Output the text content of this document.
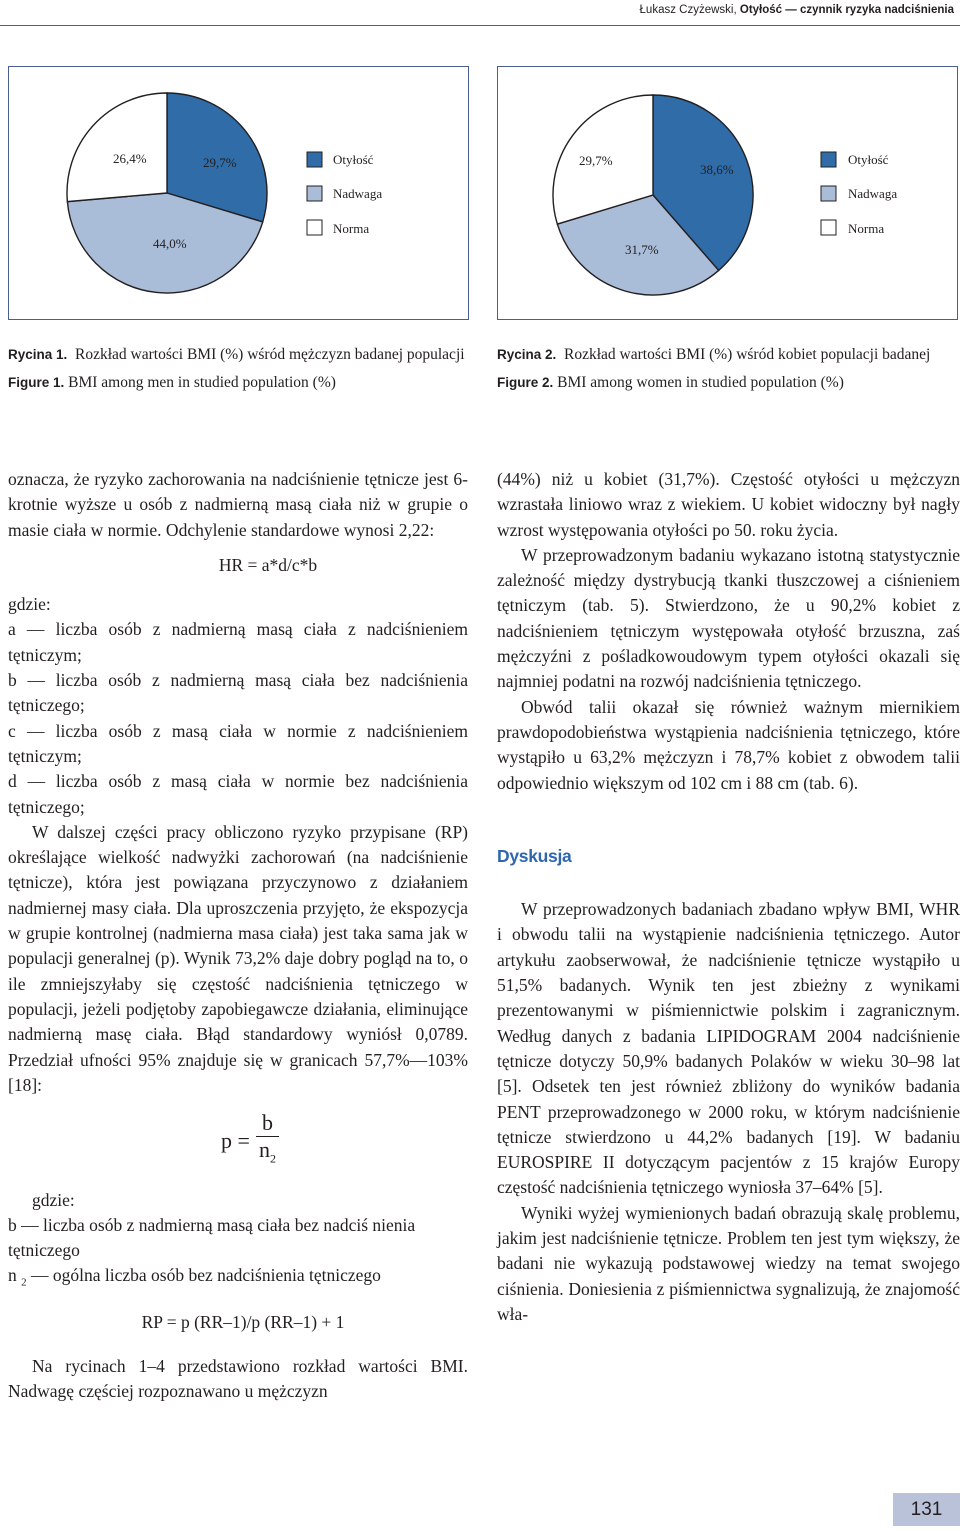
Łukasz Czyżewski, Otyłość — czynnik ryzyka nadciśnienia
26,4%	29,7%
44,0%
Otyłość
Nadwaga
Norma
29,7%
38,6%
31,7%
Otyłość
Nadwaga
Norma

Rycina 1. Rozkład wartości BMI (%) wśród mężczyzn badanej populacji

Figure 1. BMI among men in studied population (%)

Rycina 2. Rozkład wartości BMI (%) wśród kobiet populacji badanej

Figure 2. BMI among women in studied population (%)

oznacza, że ryzyko zachorowania na nadciśnienie tętnicze jest 6-krotnie wyższe u osób z nadmierną masą ciała niż w grupie o masie ciała w normie. Odchylenie standardowe wynosi 2,22:

HR = a*d/c*b

gdzie:

a — liczba osób z nadmierną masą ciała z nadciśnieniem tętniczym;

b — liczba osób z nadmierną masą ciała bez nadciśnienia tętniczego;

c — liczba osób z masą ciała w normie z nadciśnieniem tętniczym;

d — liczba osób z masą ciała w normie bez nadciśnienia tętniczego;

W dalszej części pracy obliczono ryzyko przypisane (RP) określające wielkość nadwyżki zachorowań (na nadciśnienie tętnicze), która jest powiązana przyczynowo z działaniem nadmiernej masy ciała. Dla uproszczenia przyjęto, że ekspozycja w grupie kontrolnej (nadmierna masa ciała) jest taka sama jak w populacji generalnej (p). Wynik 73,2% daje dobry pogląd na to, o ile zmniejszyłaby się częstość nadciśnienia tętniczego w populacji, jeżeli podjętoby zapobiegawcze działania, eliminujące nadmierną masę ciała. Błąd standardowy wyniósł 0,0789. Przedział ufności 95% znajduje się w granicach 57,7%—103% [18]:

$p = \frac{b}{n_2}$

gdzie:

b — liczba osób z nadmierną masą ciała bez nadciś nienia tętniczego

n $_2$ — ogólna liczba osób bez nadciśnienia tętniczego

RP = p (RR–1)/p (RR–1) + 1

Na rycinach 1–4 przedstawiono rozkład wartości BMI. Nadwagę częściej rozpoznawano u mężczyzn

(44%) niż u kobiet (31,7%). Częstość otyłości u mężczyzn wzrastała liniowo wraz z wiekiem. U kobiet widoczny był nagły wzrost występowania otyłości po 50. roku życia.

W przeprowadzonym badaniu wykazano istotną statystycznie zależność między dystrybucją tkanki tłuszczowej a ciśnieniem tętniczym (tab. 5). Stwierdzono, że u 90,2% kobiet z nadciśnieniem tętniczym występowała otyłość brzuszna, zaś mężczyźni z pośladkowoudowym typem otyłości okazali się najmniej podatni na rozwój nadciśnienia tętniczego.

Obwód talii okazał się również ważnym miernikiem prawdopodobieństwa wystąpienia nadciśnienia tętniczego, które wystąpiło u 63,2% mężczyzn i 78,7% kobiet z obwodem talii odpowiednio większym od 102 cm i 88 cm (tab. 6).

Dyskusja

W przeprowadzonych badaniach zbadano wpływ BMI, WHR i obwodu talii na wystąpienie nadciśnienia tętniczego. Autor artykułu zaobserwował, że nadciśnienie tętnicze wystąpiło u 51,5% badanych. Wynik ten jest zbieżny z wynikami prezentowanymi w piśmiennictwie polskim i zagranicznym. Według danych z badania LIPIDOGRAM 2004 nadciśnienie tętnicze dotyczy 50,9% badanych Polaków w wieku 30–98 lat [5]. Odsetek ten jest również zbliżony do wyników badania PENT przeprowadzonego w 2000 roku, w którym nadciśnienie tętnicze stwierdzono u 44,2% badanych [19]. W badaniu EUROSPIRE II dotyczącym pacjentów z 15 krajów Europy częstość nadciśnienia tętniczego wyniosła 37–64% [5].

Wyniki wyżej wymienionych badań obrazują skalę problemu, jakim jest nadciśnienie tętnicze. Problem ten jest tym większy, że badani nie wykazują podstawowej wiedzy na temat swojego ciśnienia. Doniesienia z piśmiennictwa sygnalizują, że znajomość wła-

131
